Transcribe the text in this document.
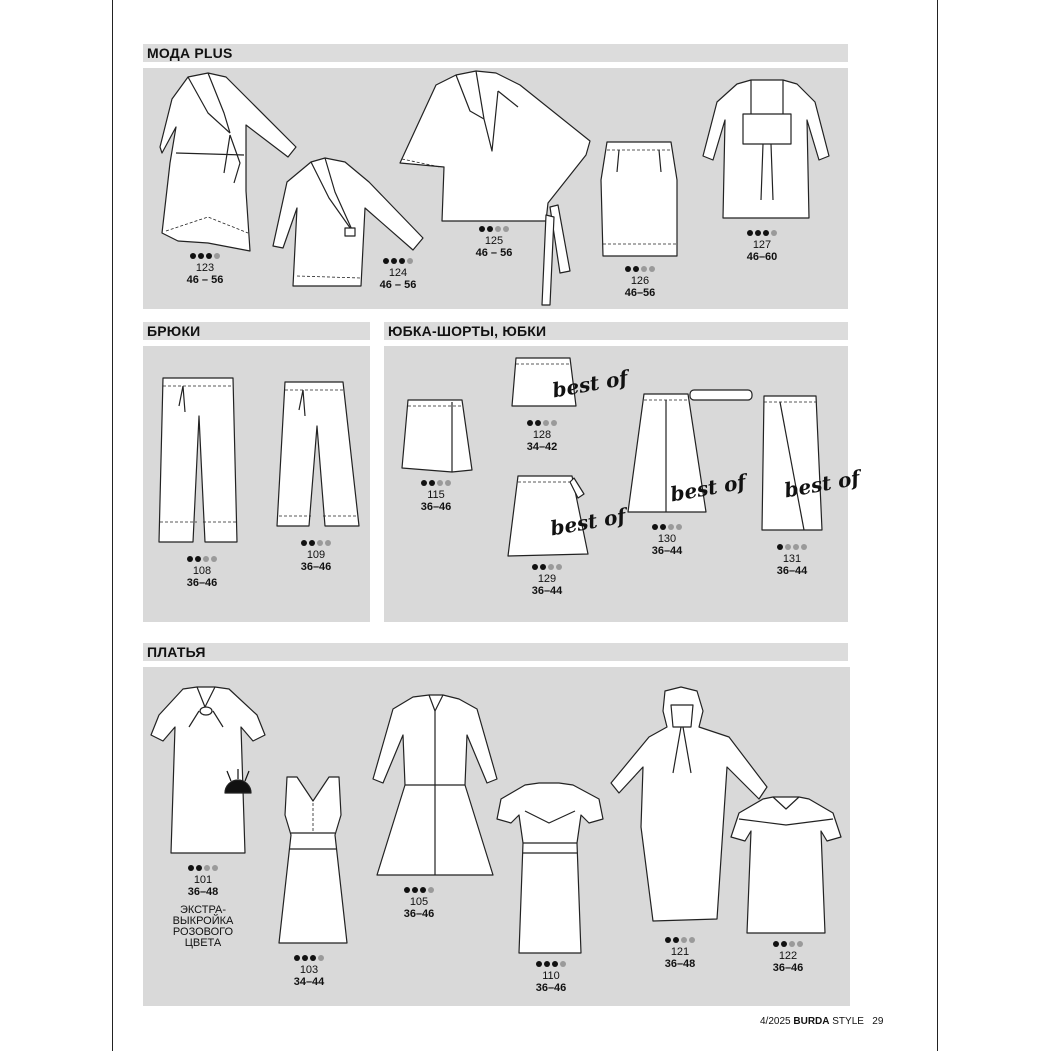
МОДА PLUS
123
46 – 56
124
46 – 56
125
46 – 56
126
46–56
127
46–60
БРЮКИ
108
36–46
109
36–46
ЮБКА-ШОРТЫ, ЮБКИ
115
36–46
best of
128
34–42
best of
129
36–44
best of
130
36–44
best of
131
36–44
ПЛАТЬЯ
101
36–48
ЭКСТРА-
ВЫКРОЙКА
РОЗОВОГО
ЦВЕТА
103
34–44
105
36–46
110
36–46
121
36–48
122
36–46
4/2025 BURDA STYLE 29
